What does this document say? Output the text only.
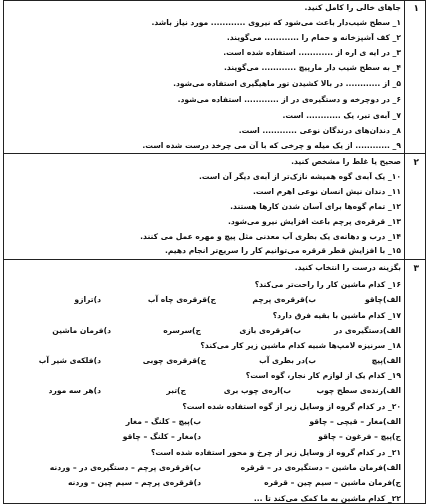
۱
۲
۳
جاهای خالی را کامل کنید.
۱_ سطح شیب‌دار باعث می‌شود که نیروی ............ مورد نیاز باشد.
۲_ کف آشپزخانه و حمام را ............ می‌گویند.
۳_ در ایه ی اره از ............ استفاده شده است.
۴_ به سطح شیب دار مارپیچ ............ می‌گویند.
۵_ از ............ در بالا کشیدن تور ماهیگیری استفاده می‌شود.
۶_ در دوچرخه و دستگیره‌ی در از ............ استفاده می‌شود.
۷_ آبه‌ی تبر، یک ............ است.
۸_ دندان‌های درندگان نوعی ............ است.
۹_ ............ از یک میله و چرخی که با آن می چرخد درست شده است.
صحیح یا غلط را مشخص کنید.
۱۰_ یک آبه‌ی گوه همیشه نازک‌تر از آبه‌ی دیگر آن است.
۱۱_ دندان نیش انسان نوعی اهرم است.
۱۲_ تمام گوه‌ها برای آسان شدن کارها هستند.
۱۳_ قرقره‌ی پرچم باعث افزایش نیرو می‌شود.
۱۴_ درب و دهانه‌ی یک بطری آب معدنی مثل پیچ و مهره عمل می کنند.
۱۵_ با افزایش قطر قرقره می‌توانیم کار را سریع‌تر انجام دهیم.
بگزینه درست را انتخاب کنید.
۱۶_ کدام ماشین کار را راحت‌تر می‌کند؟
الف)چاقو
ب)قرقره‌ی پرچم
ج)قرقره‌ی چاه آب
د)ترازو
۱۷_ کدام ماشین با بقیه فرق دارد؟
الف)دستگیره‌ی در
ب)قرقره‌ی بازی
ج)سرسره
د)فرمان ماشین
۱۸_ سرنیزه لامپ‌ها شبیه کدام ماشین زیر کار می‌کند؟
الف)پیچ
ب)در بطری آب
ج)قرقره‌ی چوبی
د)فلکه‌ی شیر آب
۱۹_ کدام یک از لوازم کار نجار، گوه است؟
الف)رنده‌ی سطح چوب
ب)اره‌ی چوب بری
ج)تبر
د)هر سه مورد
۲۰_ در کدام گروه از وسایل زیر از گوه استفاده شده است؟
الف)مغار – قیچی – چاقو
ب)پیچ – کلنگ – مغار
ج)پیچ – فرغون – چاقو
د)مغار – کلنگ – چاقو
۲۱_ در کدام گروه از وسایل زیر از چرخ و محور استفاده شده است؟
الف)فرمان ماشین – دستگیره‌ی در – قرقره
ب)قرقره‌ی پرچم – دستگیره‌ی در – وردنه
ج)فرمان ماشین – سیم چین – قرقره
د)قرقره‌ی پرچم – سیم چین – وردنه
۲۲_ کدام ماشین به ما کمک می‌کند تا ...
